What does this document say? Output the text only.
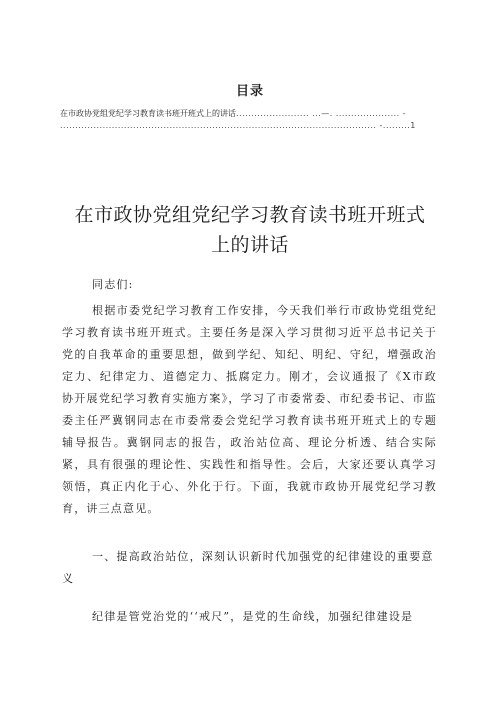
目录
在市政协党组党纪学习教育读书班开班式上的讲话........................ ...—. ..................... -
........................................................................................................ -.........1
在市政协党组党纪学习教育读书班开班式
上的讲话
同志们:
根据市委党纪学习教育工作安排，今天我们举行市政协党组党纪学习教育读书班开班式。主要任务是深入学习贯彻习近平总书记关于党的自我革命的重要思想，做到学纪、知纪、明纪、守纪，增强政治定力、纪律定力、道德定力、抵腐定力。刚才，会议通报了《X市政协开展党纪学习教育实施方案》，学习了市委常委、市纪委书记、市监委主任严冀钢同志在市委常委会党纪学习教育读书班开班式上的专题辅导报告。冀钢同志的报告，政治站位高、理论分析透、结合实际紧，具有很强的理论性、实践性和指导性。会后，大家还要认真学习领悟，真正内化于心、外化于行。下面，我就市政协开展党纪学习教育，讲三点意见。
一、提高政治站位，深刻认识新时代加强党的纪律建设的重要意义
纪律是管党治党的‘‘戒尺”，是党的生命线，加强纪律建设是
